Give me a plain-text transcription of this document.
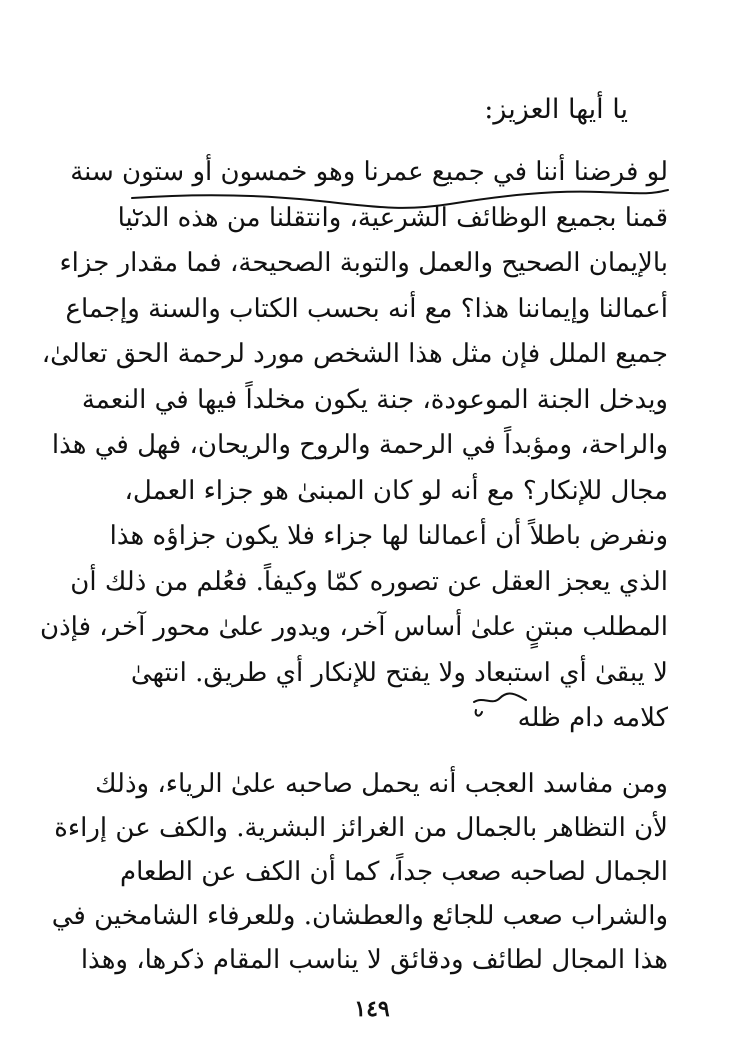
يا أيها العزيز:
لو فرضنا أننا في جميع عمرنا وهو خمسون أو ستون سنة
قمنا بجميع الوظائف الشرعية، وانتقلنا من هذه الدنيا
بالإيمان الصحيح والعمل والتوبة الصحيحة، فما مقدار جزاء
أعمالنا وإيماننا هذا؟ مع أنه بحسب الكتاب والسنة وإجماع
جميع الملل فإن مثل هذا الشخص مورد لرحمة الحق تعالىٰ،
ويدخل الجنة الموعودة، جنة يكون مخلداً فيها في النعمة
والراحة، ومؤبداً في الرحمة والروح والريحان، فهل في هذا
مجال للإنكار؟ مع أنه لو كان المبنىٰ هو جزاء العمل،
ونفرض باطلاً أن أعمالنا لها جزاء فلا يكون جزاؤه هذا
الذي يعجز العقل عن تصوره كمّا وكيفاً. فعُلم من ذلك أن
المطلب مبتنٍ علىٰ أساس آخر، ويدور علىٰ محور آخر، فإذن
لا يبقىٰ أي استبعاد ولا يفتح للإنكار أي طريق. انتهىٰ
كلامه دام ظله
ومن مفاسد العجب أنه يحمل صاحبه علىٰ الرياء، وذلك
لأن التظاهر بالجمال من الغرائز البشرية. والكف عن إراءة
الجمال لصاحبه صعب جداً، كما أن الكف عن الطعام
والشراب صعب للجائع والعطشان. وللعرفاء الشامخين في
هذا المجال لطائف ودقائق لا يناسب المقام ذكرها، وهذا
١٤٩
